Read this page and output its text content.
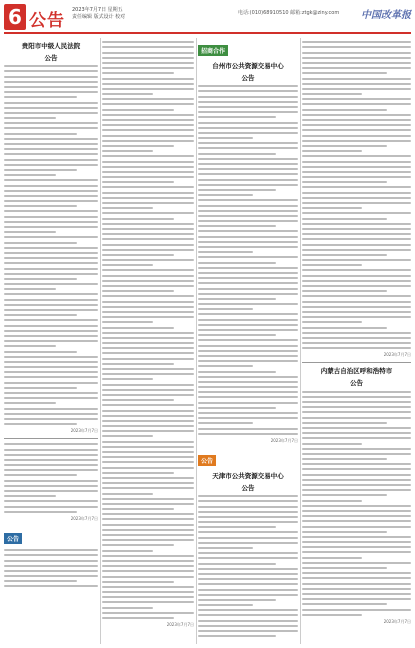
6 公告
2023年7月7日 星期五
责任编辑 版式设计 校对
电话:(010)68910510 邮箱:ztgk@ziny.com 中国改革报
贵阳市中级人民法院
公告
2023年7月7日
2023年7月7日
公告
2023年7月7日
招商合作
台州市公共资源交易中心
公告
2023年7月7日
公告
天津市公共资源交易中心
公告
2023年7月7日
内蒙古自治区呼和浩特市
公告
2023年7月7日
